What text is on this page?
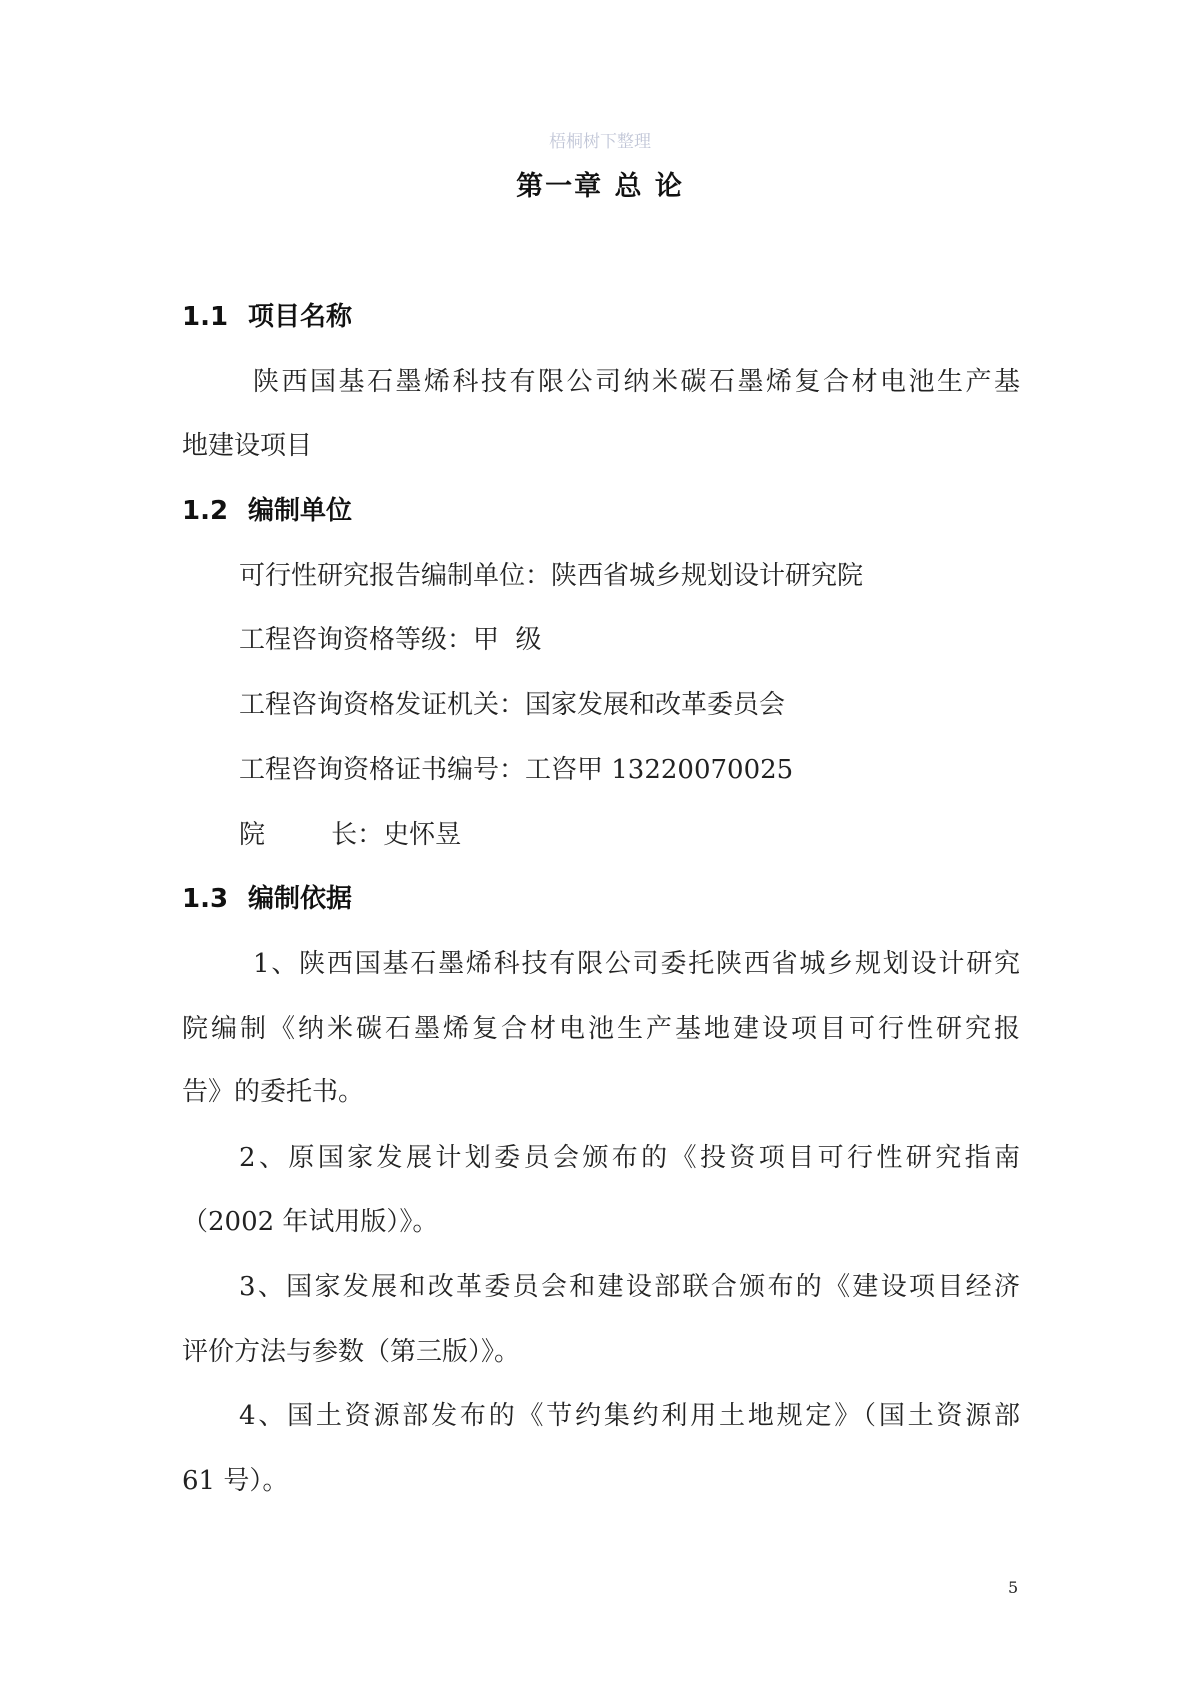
梧桐树下整理
第一章 总 论
1.1 项目名称
陕西国基石墨烯科技有限公司纳米碳石墨烯复合材电池生产基
地建设项目
1.2 编制单位
可行性研究报告编制单位：陕西省城乡规划设计研究院
工程咨询资格等级：甲  级
工程咨询资格发证机关：国家发展和改革委员会
工程咨询资格证书编号：工咨甲 13220070025
院        长：史怀昱
1.3 编制依据
1、陕西国基石墨烯科技有限公司委托陕西省城乡规划设计研究
院编制《纳米碳石墨烯复合材电池生产基地建设项目可行性研究报
告》的委托书。
2、原国家发展计划委员会颁布的《投资项目可行性研究指南
（2002 年试用版）》。
3、国家发展和改革委员会和建设部联合颁布的《建设项目经济
评价方法与参数（第三版）》。
4、国土资源部发布的《节约集约利用土地规定》（国土资源部
61 号）。
5
